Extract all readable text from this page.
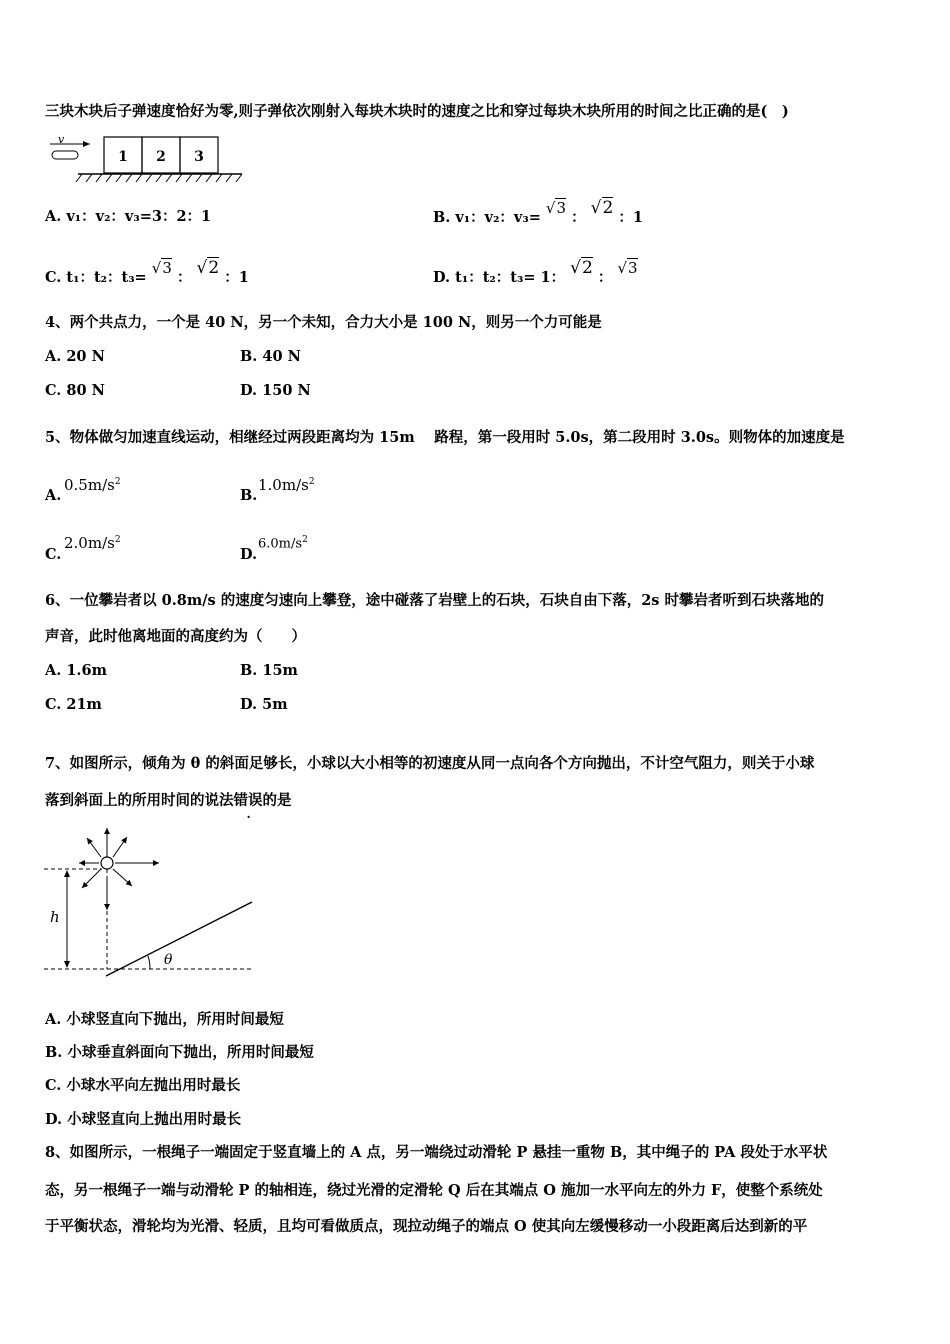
三块木块后子弹速度恰好为零,则子弹依次刚射入每块木块时的速度之比和穿过每块木块所用的时间之比正确的是(　)
v
1 2 3
A. v₁：v₂：v₃=3：2：1	B. v₁：v₂：v₃= √3 ： √2 ：1
C. t₁：t₂：t₃= √3 ： √2 ：1	D. t₁：t₂：t₃= 1： √2 ： √3
4、两个共点力，一个是 40 N，另一个未知，合力大小是 100 N，则另一个力可能是
A. 20 N	B. 40 N
C. 80 N	D. 150 N
5、物体做匀加速直线运动，相继经过两段距离均为 15m　 路程，第一段用时 5.0s，第二段用时 3.0s。则物体的加速度是
A.
$0.5m/s^2$
B.
$1.0m/s^2$
C.
$2.0m/s^2$
D.
$6.0m/s^2$
6、一位攀岩者以 0.8m/s 的速度匀速向上攀登，途中碰落了岩壁上的石块，石块自由下落，2s 时攀岩者听到石块落地的
声音，此时他离地面的高度约为（　　）
A. 1.6m	B. 15m
C. 21m	D. 5m
7、如图所示，倾角为 θ 的斜面足够长，小球以大小相等的初速度从同一点向各个方向抛出，不计空气阻力，则关于小球
落到斜面上的所用时间的说法错误的是
h
θ
A. 小球竖直向下抛出，所用时间最短
B. 小球垂直斜面向下抛出，所用时间最短
C. 小球水平向左抛出用时最长
D. 小球竖直向上抛出用时最长
8、如图所示，一根绳子一端固定于竖直墙上的 A 点，另一端绕过动滑轮 P 悬挂一重物 B，其中绳子的 PA 段处于水平状
态，另一根绳子一端与动滑轮 P 的轴相连，绕过光滑的定滑轮 Q 后在其端点 O 施加一水平向左的外力 F，使整个系统处
于平衡状态，滑轮均为光滑、轻质，且均可看做质点，现拉动绳子的端点 O 使其向左缓慢移动一小段距离后达到新的平
